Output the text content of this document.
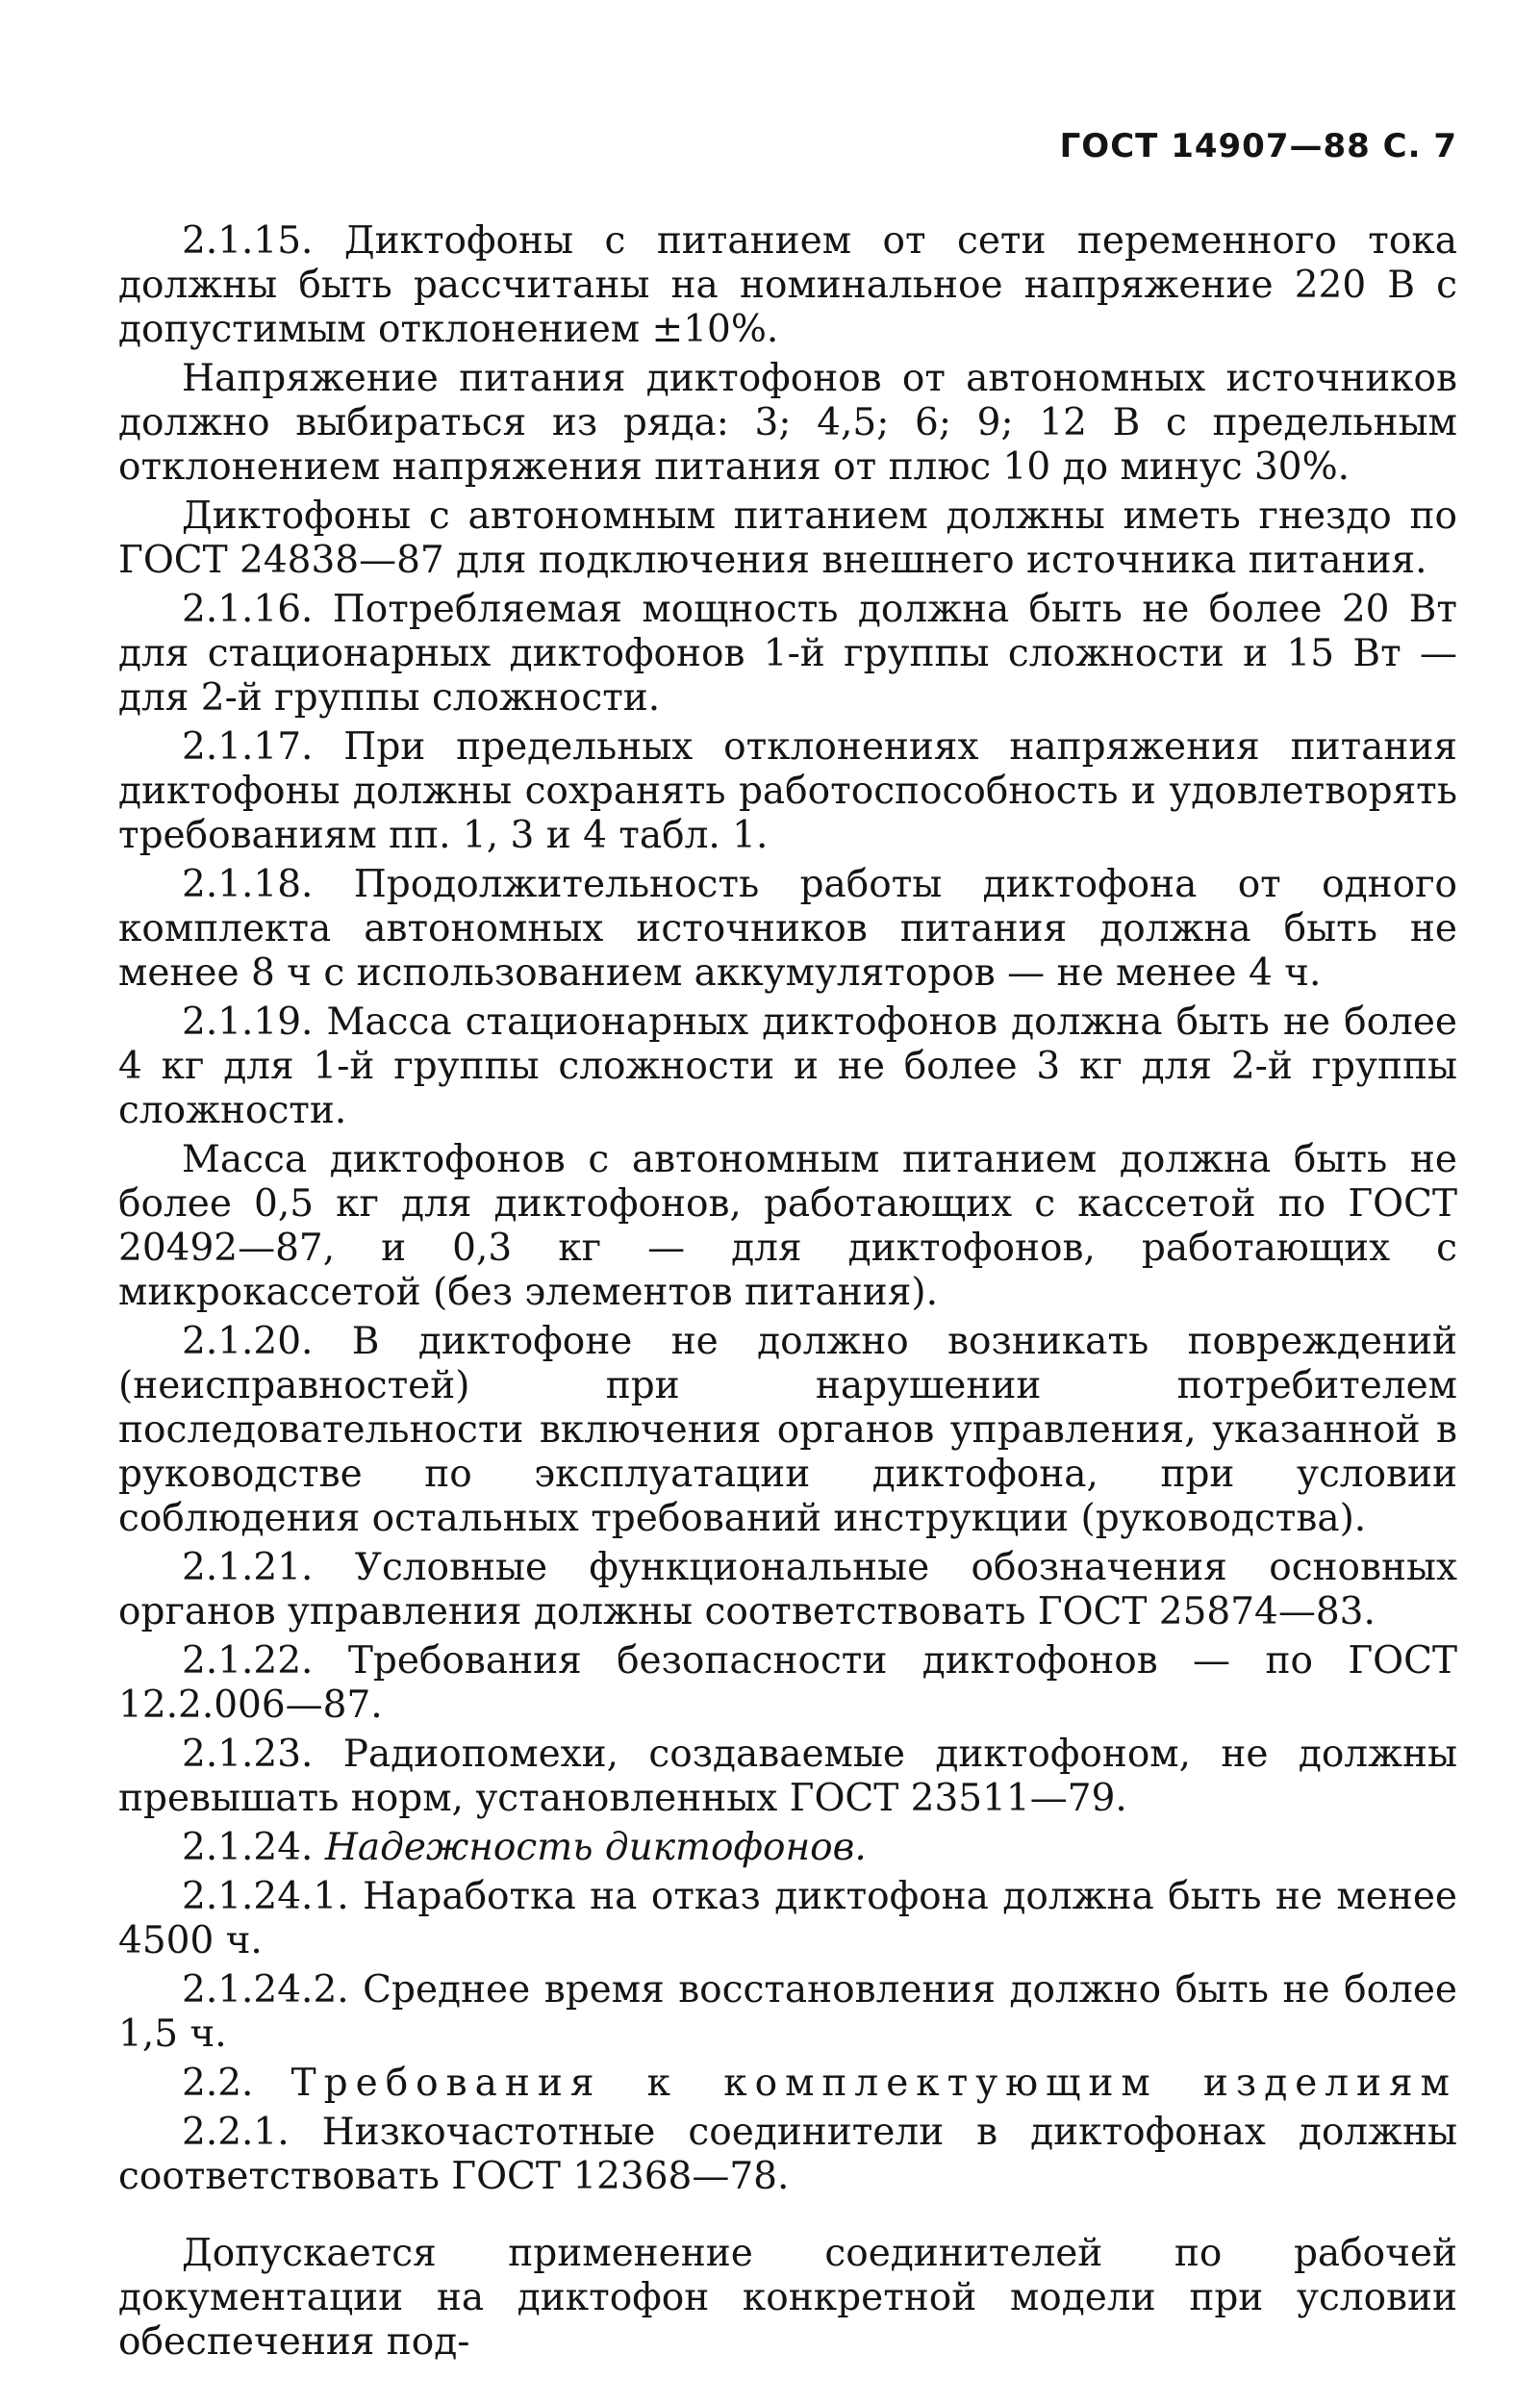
ГОСТ 14907—88 С. 7

2.1.15. Диктофоны с питанием от сети переменного тока должны быть рассчитаны на номинальное напряжение 220 В с допустимым отклонением ±10%.

Напряжение питания диктофонов от автономных источников должно выбираться из ряда: 3; 4,5; 6; 9; 12 В с предельным отклонением напряжения питания от плюс 10 до минус 30%.

Диктофоны с автономным питанием должны иметь гнездо по ГОСТ 24838—87 для подключения внешнего источника питания.

2.1.16. Потребляемая мощность должна быть не более 20 Вт для стационарных диктофонов 1-й группы сложности и 15 Вт — для 2-й группы сложности.

2.1.17. При предельных отклонениях напряжения питания диктофоны должны сохранять работоспособность и удовлетворять требованиям пп. 1, 3 и 4 табл. 1.

2.1.18. Продолжительность работы диктофона от одного комплекта автономных источников питания должна быть не менее 8 ч с использованием аккумуляторов — не менее 4 ч.

2.1.19. Масса стационарных диктофонов должна быть не более 4 кг для 1-й группы сложности и не более 3 кг для 2-й группы сложности.

Масса диктофонов с автономным питанием должна быть не более 0,5 кг для диктофонов, работающих с кассетой по ГОСТ 20492—87, и 0,3 кг — для диктофонов, работающих с микрокассетой (без элементов питания).

2.1.20. В диктофоне не должно возникать повреждений (неисправностей) при нарушении потребителем последовательности включения органов управления, указанной в руководстве по эксплуатации диктофона, при условии соблюдения остальных требований инструкции (руководства).

2.1.21. Условные функциональные обозначения основных органов управления должны соответствовать ГОСТ 25874—83.

2.1.22. Требования безопасности диктофонов — по ГОСТ 12.2.006—87.

2.1.23. Радиопомехи, создаваемые диктофоном, не должны превышать норм, установленных ГОСТ 23511—79.

2.1.24. Надежность диктофонов.

2.1.24.1. Наработка на отказ диктофона должна быть не менее 4500 ч.

2.1.24.2. Среднее время восстановления должно быть не более 1,5 ч.

2.2. Требования к комплектующим изделиям

2.2.1. Низкочастотные соединители в диктофонах должны соответствовать ГОСТ 12368—78.

Допускается применение соединителей по рабочей документации на диктофон конкретной модели при условии обеспечения под-
